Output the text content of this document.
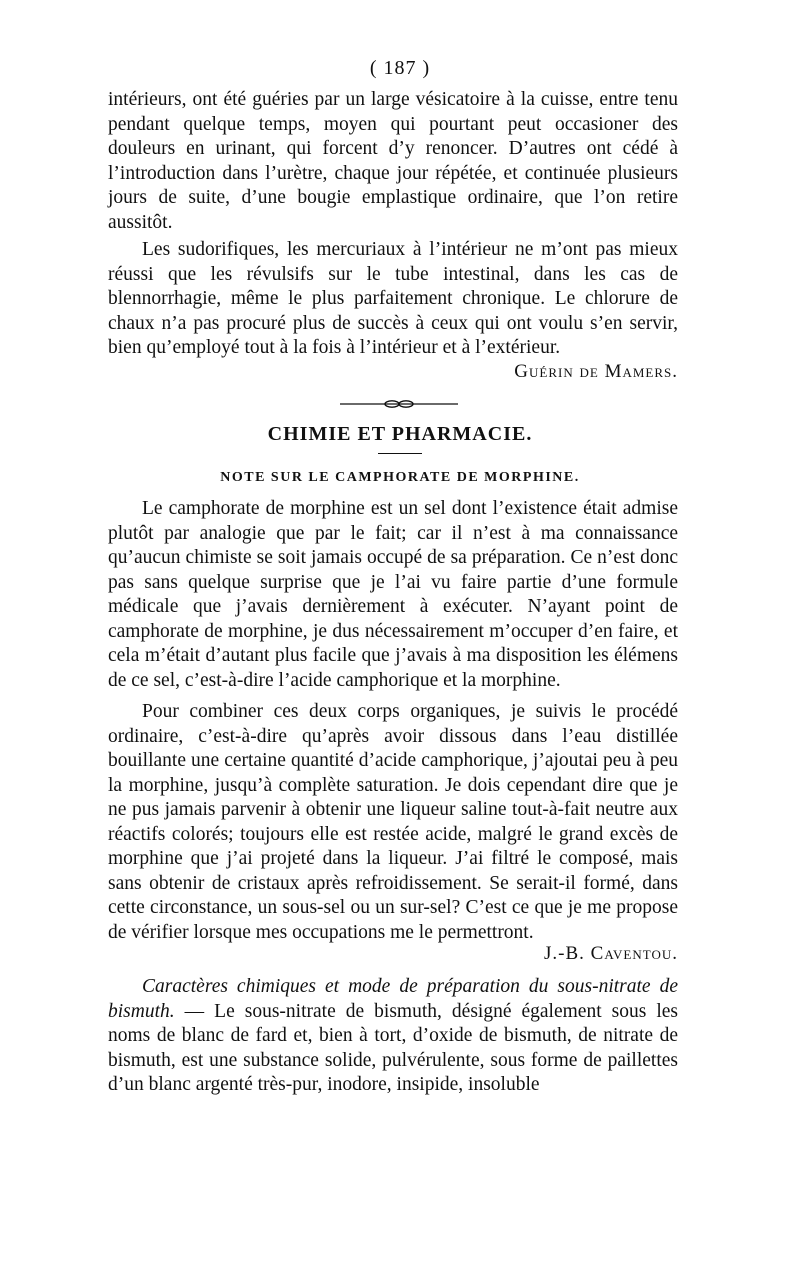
( 187 )

intérieurs, ont été guéries par un large vésicatoire à la cuisse, entre tenu pendant quelque temps, moyen qui pourtant peut occasioner des douleurs en urinant, qui forcent d’y renoncer. D’autres ont cédé à l’introduction dans l’urètre, chaque jour répétée, et continuée plusieurs jours de suite, d’une bougie emplastique ordinaire, que l’on retire aussitôt.

Les sudorifiques, les mercuriaux à l’intérieur ne m’ont pas mieux réussi que les révulsifs sur le tube intestinal, dans les cas de blennorrhagie, même le plus parfaitement chronique. Le chlorure de chaux n’a pas procuré plus de succès à ceux qui ont voulu s’en servir, bien qu’employé tout à la fois à l’intérieur et à l’extérieur.

Guérin de Mamers.

CHIMIE ET PHARMACIE.
NOTE SUR LE CAMPHORATE DE MORPHINE.

Le camphorate de morphine est un sel dont l’existence était admise plutôt par analogie que par le fait; car il n’est à ma connaissance qu’aucun chimiste se soit jamais occupé de sa préparation. Ce n’est donc pas sans quelque surprise que je l’ai vu faire partie d’une formule médicale que j’avais dernièrement à exécuter. N’ayant point de camphorate de morphine, je dus nécessairement m’occuper d’en faire, et cela m’était d’autant plus facile que j’avais à ma disposition les élémens de ce sel, c’est-à-dire l’acide camphorique et la morphine.

Pour combiner ces deux corps organiques, je suivis le procédé ordinaire, c’est-à-dire qu’après avoir dissous dans l’eau distillée bouillante une certaine quantité d’acide camphorique, j’ajoutai peu à peu la morphine, jusqu’à complète saturation. Je dois cependant dire que je ne pus jamais parvenir à obtenir une liqueur saline tout-à-fait neutre aux réactifs colorés; toujours elle est restée acide, malgré le grand excès de morphine que j’ai projeté dans la liqueur. J’ai filtré le composé, mais sans obtenir de cristaux après refroidissement. Se serait-il formé, dans cette circonstance, un sous-sel ou un sur-sel? C’est ce que je me propose de vérifier lorsque mes occupations me le permettront.

J.-B. Caventou.

Caractères chimiques et mode de préparation du sous-nitrate de bismuth. — Le sous-nitrate de bismuth, désigné également sous les noms de blanc de fard et, bien à tort, d’oxide de bismuth, de nitrate de bismuth, est une substance solide, pulvérulente, sous forme de paillettes d’un blanc argenté très-pur, inodore, insipide, insoluble
